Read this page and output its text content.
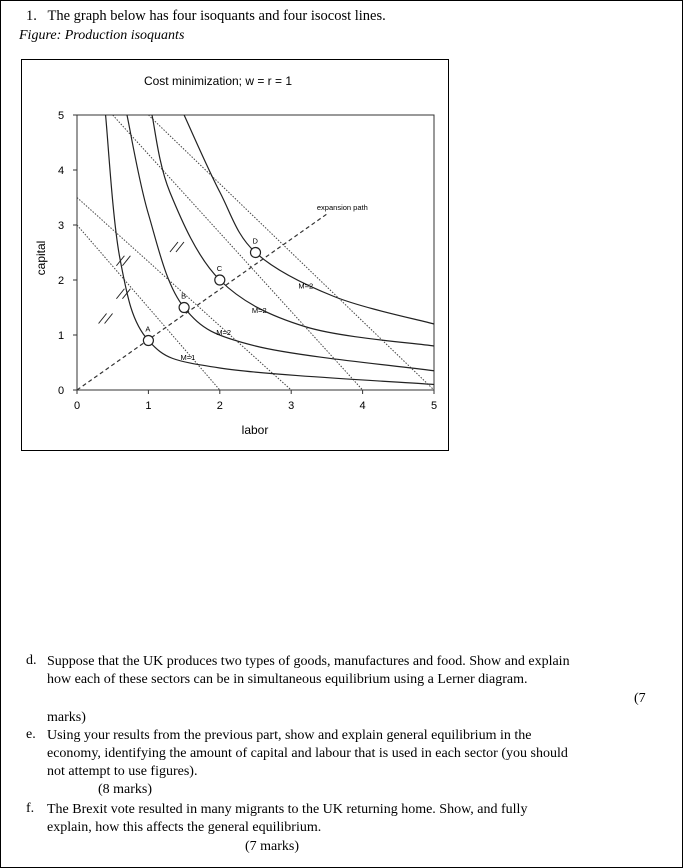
1. The graph below has four isoquants and four isocost lines.
Figure: Production isoquants
Cost minimization; w = r = 1
labor
capital
0	1	2	3	4	5
0
1
2
3
4
5
expansion path
A
B
C
D
M=1
M=2
M=2
M=2
d. Suppose that the UK produces two types of goods, manufactures and food. Show and explain
how each of these sectors can be in simultaneous equilibrium using a Lerner diagram.
(7
marks)
e. Using your results from the previous part, show and explain general equilibrium in the
economy, identifying the amount of capital and labour that is used in each sector (you should
not attempt to use figures).
(8 marks)
f. The Brexit vote resulted in many migrants to the UK returning home. Show, and fully
explain, how this affects the general equilibrium.
(7 marks)
